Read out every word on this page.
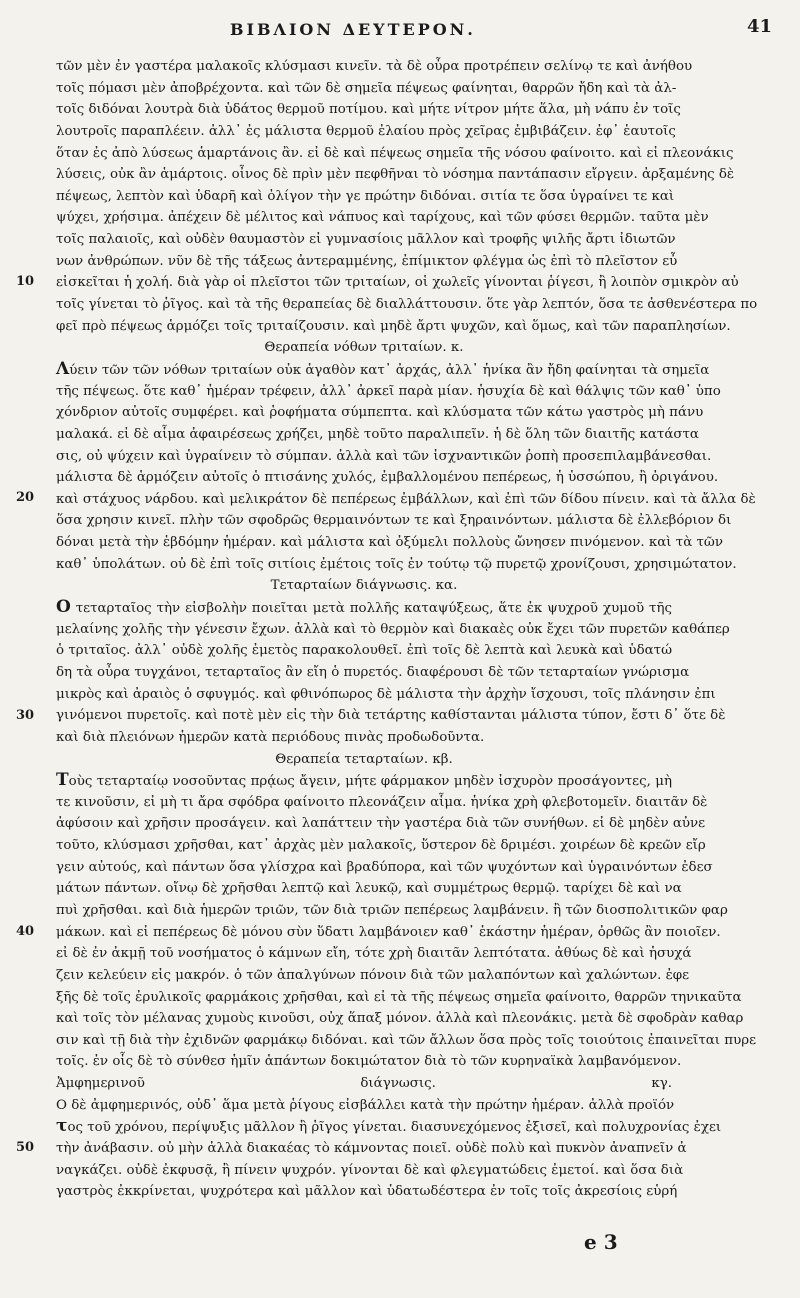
ΒΙΒΛΙΟΝ ΔΕΥΤΕΡΟΝ.	41
10
20
30
40
50
τῶν μὲν ἐν γαστέρα μαλακοῖς κλύσμασι κινεῖν. τὰ δὲ οὖρα προτρέπειν σελίνῳ τε καὶ ἀνήθου
τοῖς πόμασι μὲν ἀποβρέχοντα. καὶ τῶν δὲ σημεῖα πέψεως φαίνηται, θαρρῶν ἤδη καὶ τὰ ἀλ-
τοῖς διδόναι λουτρὰ διὰ ὑδάτος θερμοῦ ποτίμου. καὶ μήτε νίτρον μήτε ἅλα, μὴ νάπυ ἐν τοῖς
λουτροῖς παραπλέειν. ἀλλ᾽ ἐς μάλιστα θερμοῦ ἐλαίου πρὸς χεῖρας ἐμβιβάζειν. ἐφ᾽ ἑαυτοῖς
ὅταν ἐς ἀπὸ λύσεως ἁμαρτάνοις ἂν. εἰ δὲ καὶ πέψεως σημεῖα τῆς νόσου φαίνοιτο. καὶ εἰ πλεονάκις
λύσεις, οὐκ ἂν ἁμάρτοις. οἶνος δὲ πρὶν μὲν πεφθῆναι τὸ νόσημα παντάπασιν εἴργειν. ἀρξαμένης δὲ
πέψεως, λεπτὸν καὶ ὑδαρῆ καὶ ὀλίγον τὴν γε πρώτην διδόναι. σιτία τε ὅσα ὑγραίνει τε καὶ
ψύχει, χρήσιμα. ἀπέχειν δὲ μέλιτος καὶ νάπυος καὶ ταρίχους, καὶ τῶν φύσει θερμῶν. ταῦτα μὲν
τοῖς παλαιοῖς, καὶ οὐδὲν θαυμαστὸν εἰ γυμνασίοις μᾶλλον καὶ τροφῆς ψιλῆς ἄρτι ἰδιωτῶν
νων ἀνθρώπων. νῦν δὲ τῆς τάξεως ἀντεραμμένης, ἐπίμικτον φλέγμα ὡς ἐπὶ τὸ πλεῖστον εὖ
εἰσκεῖται ἡ χολή. διὰ γὰρ οἱ πλεῖστοι τῶν τριταίων, οἱ χωλεῖς γίνονται ῥίγεσι, ἢ λοιπὸν σμικρὸν αὐ
τοῖς γίνεται τὸ ῥῖγος. καὶ τὰ τῆς θεραπείας δὲ διαλλάττουσιν. ὅτε γὰρ λεπτόν, ὅσα τε ἀσθενέστερα πο
φεῖ πρὸ πέψεως ἁρμόζει τοῖς τριταίζουσιν. καὶ μηδὲ ἄρτι ψυχῶν, καὶ ὅμως, καὶ τῶν παραπλησίων.
Θεραπεία νόθων τριταίων. κ.
Λύειν τῶν τῶν νόθων τριταίων οὐκ ἀγαθὸν κατ᾽ ἀρχάς, ἀλλ᾽ ἡνίκα ἂν ἤδη φαίνηται τὰ σημεῖα
τῆς πέψεως. ὅτε καθ᾽ ἡμέραν τρέφειν, ἀλλ᾽ ἀρκεῖ παρὰ μίαν. ἡσυχία δὲ καὶ θάλψις τῶν καθ᾽ ὑπο
χόνδριον αὐτοῖς συμφέρει. καὶ ῥοφήματα σύμπεπτα. καὶ κλύσματα τῶν κάτω γαστρὸς μὴ πάνυ
μαλακά. εἰ δὲ αἷμα ἀφαιρέσεως χρήζει, μηδὲ τοῦτο παραλιπεῖν. ἡ δὲ ὅλη τῶν διαιτῆς κατάστα
σις, οὐ ψύχειν καὶ ὑγραίνειν τὸ σύμπαν. ἀλλὰ καὶ τῶν ἰσχναντικῶν ῥοπὴ προσεπιλαμβάνεσθαι.
μάλιστα δὲ ἁρμόζειν αὐτοῖς ὁ πτισάνης χυλός, ἐμβαλλομένου πεπέρεως, ἡ ὑσσώπου, ἢ ὀριγάνου.
καὶ στάχυος νάρδου. καὶ μελικράτον δὲ πεπέρεως ἐμβάλλων, καὶ ἐπὶ τῶν δίδου πίνειν. καὶ τὰ ἄλλα δὲ
ὅσα χρησιν κινεῖ. πλὴν τῶν σφοδρῶς θερμαινόντων τε καὶ ξηραινόντων. μάλιστα δὲ ἐλλεβόριον δι
δόναι μετὰ τὴν ἑβδόμην ἡμέραν. καὶ μάλιστα καὶ ὀξύμελι πολλοὺς ὤνησεν πινόμενον. καὶ τὰ τῶν
καθ᾽ ὑπολάτων. οὐ δὲ ἐπὶ τοῖς σιτίοις ἐμέτοις τοῖς ἐν τούτῳ τῷ πυρετῷ χρονίζουσι, χρησιμώτατον.
Τεταρταίων διάγνωσις. κα.
Ο τεταρταῖος τὴν εἰσβολὴν ποιεῖται μετὰ πολλῆς καταψύξεως, ἅτε ἐκ ψυχροῦ χυμοῦ τῆς
μελαίνης χολῆς τὴν γένεσιν ἔχων. ἀλλὰ καὶ τὸ θερμὸν καὶ διακαὲς οὐκ ἔχει τῶν πυρετῶν καθάπερ
ὁ τριταῖος. ἀλλ᾽ οὐδὲ χολῆς ἐμετὸς παρακολουθεῖ. ἐπὶ τοῖς δὲ λεπτὰ καὶ λευκὰ καὶ ὑδατώ
δη τὰ οὖρα τυγχάνοι, τεταρταῖος ἂν εἴη ὁ πυρετός. διαφέρουσι δὲ τῶν τεταρταίων γνώρισμα
μικρὸς καὶ ἀραιὸς ὁ σφυγμός. καὶ φθινόπωρος δὲ μάλιστα τὴν ἀρχὴν ἴσχουσι, τοῖς πλάνησιν ἐπι
γινόμενοι πυρετοῖς. καὶ ποτὲ μὲν εἰς τὴν διὰ τετάρτης καθίστανται μάλιστα τύπον, ἔστι δ᾽ ὅτε δὲ
καὶ διὰ πλειόνων ἡμερῶν κατὰ περιόδους πινὰς προδωδοῦντα.
Θεραπεία τεταρταίων. κβ.
Τοὺς τεταρταίῳ νοσοῦντας πρᾴως ἄγειν, μήτε φάρμακον μηδὲν ἰσχυρὸν προσάγοντες, μὴ
τε κινοῦσιν, εἰ μὴ τι ἄρα σφόδρα φαίνοιτο πλεονάζειν αἷμα. ἡνίκα χρὴ φλεβοτομεῖν. διαιτᾶν δὲ
ἀφύσοιν καὶ χρῆσιν προσάγειν. καὶ λαπάττειν τὴν γαστέρα διὰ τῶν συνήθων. εἰ δὲ μηδὲν αὐνε
τοῦτο, κλύσμασι χρῆσθαι, κατ᾽ ἀρχὰς μὲν μαλακοῖς, ὕστερον δὲ δριμέσι. χοιρέων δὲ κρεῶν εἴρ
γειν αὐτούς, καὶ πάντων ὅσα γλίσχρα καὶ βραδύπορα, καὶ τῶν ψυχόντων καὶ ὑγραινόντων ἐδεσ
μάτων πάντων. οἴνῳ δὲ χρῆσθαι λεπτῷ καὶ λευκῷ, καὶ συμμέτρως θερμῷ. ταρίχει δὲ καὶ να
πυὶ χρῆσθαι. καὶ διὰ ἡμερῶν τριῶν, τῶν διὰ τριῶν πεπέρεως λαμβάνειν. ἢ τῶν διοσπολιτικῶν φαρ
μάκων. καὶ εἰ πεπέρεως δὲ μόνου σὺν ὕδατι λαμβάνοιεν καθ᾽ ἑκάστην ἡμέραν, ὀρθῶς ἂν ποιοῖεν.
εἰ δὲ ἐν ἀκμῇ τοῦ νοσήματος ὁ κάμνων εἴη, τότε χρὴ διαιτᾶν λεπτότατα. ἀθύως δὲ καὶ ἡσυχά
ζειν κελεύειν εἰς μακρόν. ὁ τῶν ἀπαλγύνων πόνοιν διὰ τῶν μαλαπόντων καὶ χαλώντων. ἐφε
ξῆς δὲ τοῖς ἐρυλικοῖς φαρμάκοις χρῆσθαι, καὶ εἰ τὰ τῆς πέψεως σημεῖα φαίνοιτο, θαρρῶν τηνικαῦτα
καὶ τοῖς τὸν μέλανας χυμοὺς κινοῦσι, οὐχ ἅπαξ μόνον. ἀλλὰ καὶ πλεονάκις. μετὰ δὲ σφοδρὰν καθαρ
σιν καὶ τῇ διὰ τὴν ἐχιδνῶν φαρμάκῳ διδόναι. καὶ τῶν ἄλλων ὅσα πρὸς τοῖς τοιούτοις ἐπαινεῖται πυρε
τοῖς. ἐν οἷς δὲ τὸ σύνθεσ ἡμῖν ἁπάντων δοκιμώτατον διὰ τὸ τῶν κυρηναϊκὰ λαμβανόμενον.
Ἀμφημερινοῦ διάγνωσις. κγ.
Ο δὲ ἀμφημερινός, οὐδ᾽ ἅμα μετὰ ῥίγους εἰσβάλλει κατὰ τὴν πρώτην ἡμέραν. ἀλλὰ προϊόν
τος τοῦ χρόνου, περίψυξις μᾶλλον ἢ ῥῖγος γίνεται. διασυνεχόμενος ἐξισεῖ, καὶ πολυχρονίας ἐχει
τὴν ἀνάβασιν. οὐ μὴν ἀλλὰ διακαέας τὸ κάμνοντας ποιεῖ. οὐδὲ πολὺ καὶ πυκνὸν ἀναπνεῖν ἀ
ναγκάζει. οὐδὲ ἐκφυσᾷ, ἢ πίνειν ψυχρόν. γίνονται δὲ καὶ φλεγματώδεις ἐμετοί. καὶ ὅσα διὰ
γαστρὸς ἐκκρίνεται, ψυχρότερα καὶ μᾶλλον καὶ ὑδατωδέστερα ἐν τοῖς τοῖς ἀκρεσίοις εὑρή
e 3
